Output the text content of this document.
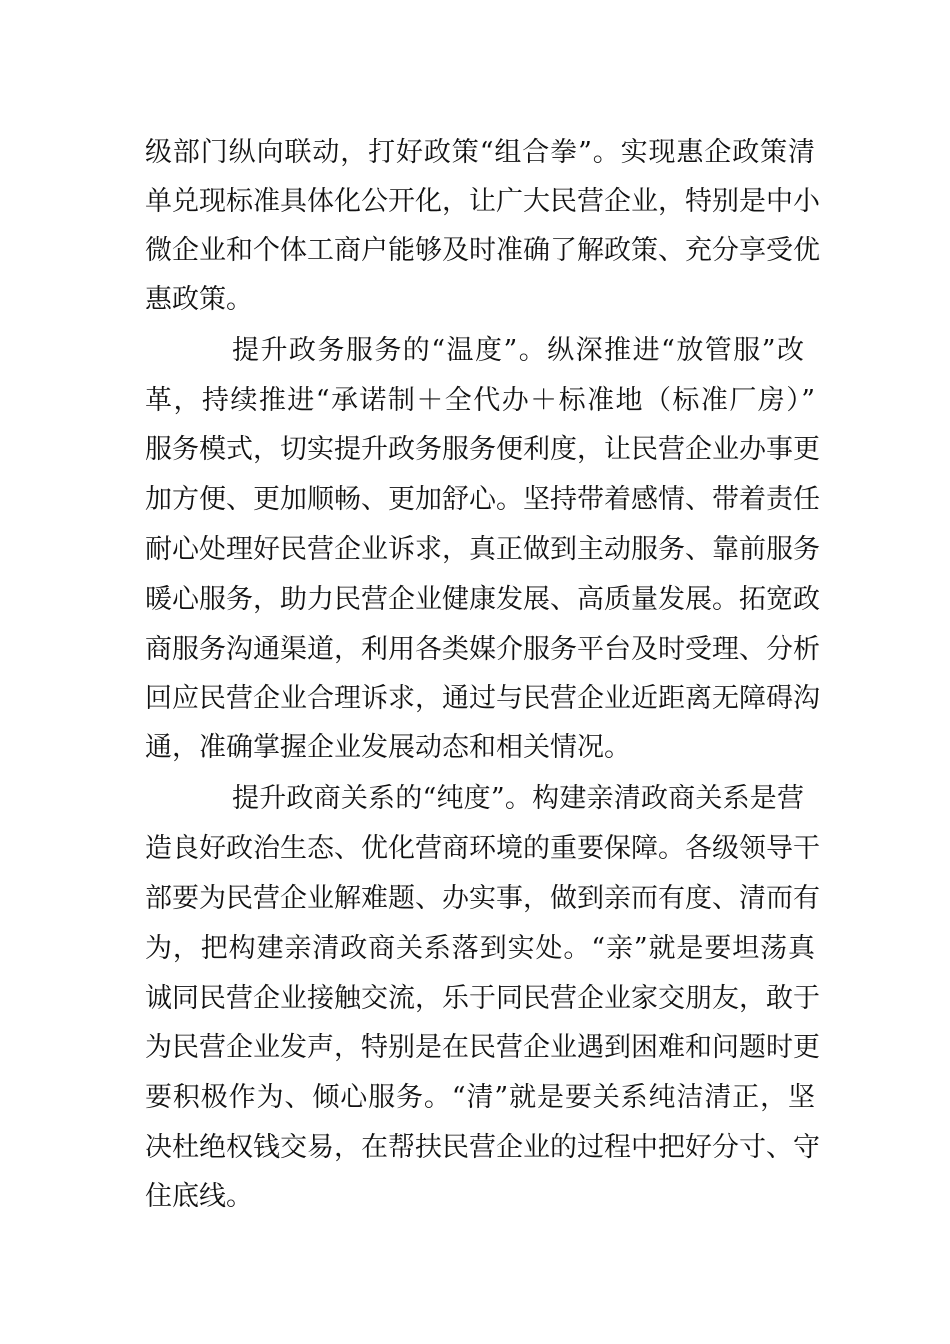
级部门纵向联动，打好政策“组合拳”。实现惠企政策清
单兑现标准具体化公开化，让广大民营企业，特别是中小
微企业和个体工商户能够及时准确了解政策、充分享受优
惠政策。
提升政务服务的“温度”。纵深推进“放管服”改
革，持续推进“承诺制＋全代办＋标准地（标准厂房）”
服务模式，切实提升政务服务便利度，让民营企业办事更
加方便、更加顺畅、更加舒心。坚持带着感情、带着责任
耐心处理好民营企业诉求，真正做到主动服务、靠前服务
暖心服务，助力民营企业健康发展、高质量发展。拓宽政
商服务沟通渠道，利用各类媒介服务平台及时受理、分析
回应民营企业合理诉求，通过与民营企业近距离无障碍沟
通，准确掌握企业发展动态和相关情况。
提升政商关系的“纯度”。构建亲清政商关系是营
造良好政治生态、优化营商环境的重要保障。各级领导干
部要为民营企业解难题、办实事，做到亲而有度、清而有
为，把构建亲清政商关系落到实处。“亲”就是要坦荡真
诚同民营企业接触交流，乐于同民营企业家交朋友，敢于
为民营企业发声，特别是在民营企业遇到困难和问题时更
要积极作为、倾心服务。“清”就是要关系纯洁清正，坚
决杜绝权钱交易，在帮扶民营企业的过程中把好分寸、守
住底线。
